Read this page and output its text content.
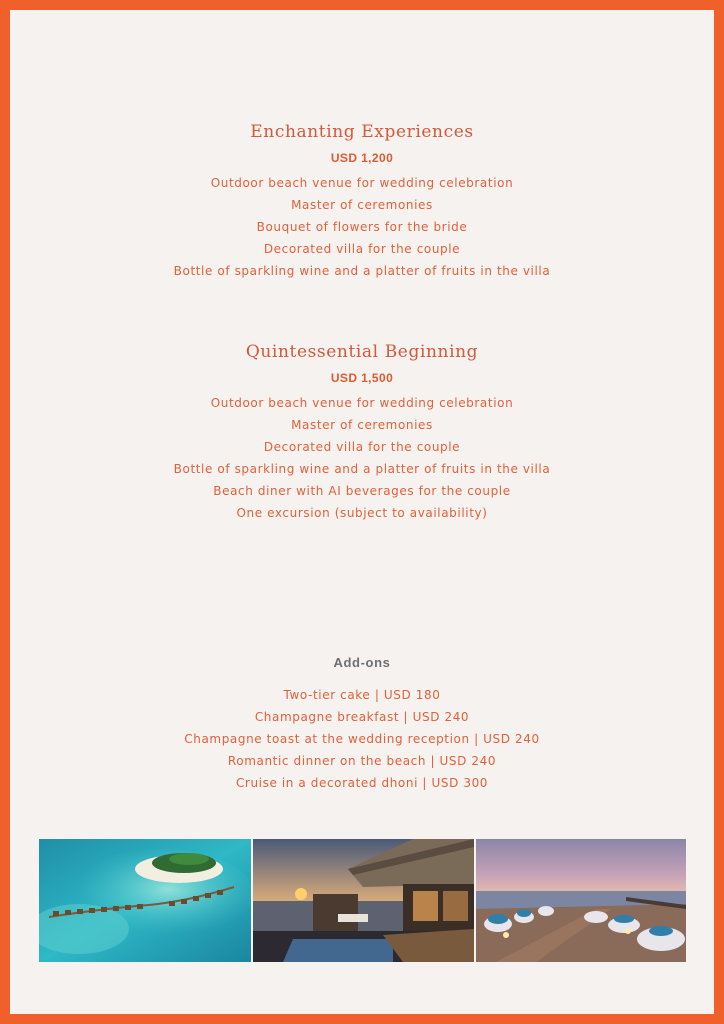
Enchanting Experiences
USD 1,200
Outdoor beach venue for wedding celebration
Master of ceremonies
Bouquet of flowers for the bride
Decorated villa for the couple
Bottle of sparkling wine and a platter of fruits in the villa
Quintessential Beginning
USD 1,500
Outdoor beach venue for wedding celebration
Master of ceremonies
Decorated villa for the couple
Bottle of sparkling wine and a platter of fruits in the villa
Beach diner with AI beverages for the couple
One excursion (subject to availability)
Add-ons
Two-tier cake | USD 180
Champagne breakfast | USD 240
Champagne toast at the wedding reception | USD 240
Romantic dinner on the beach | USD 240
Cruise in a decorated dhoni | USD 300
